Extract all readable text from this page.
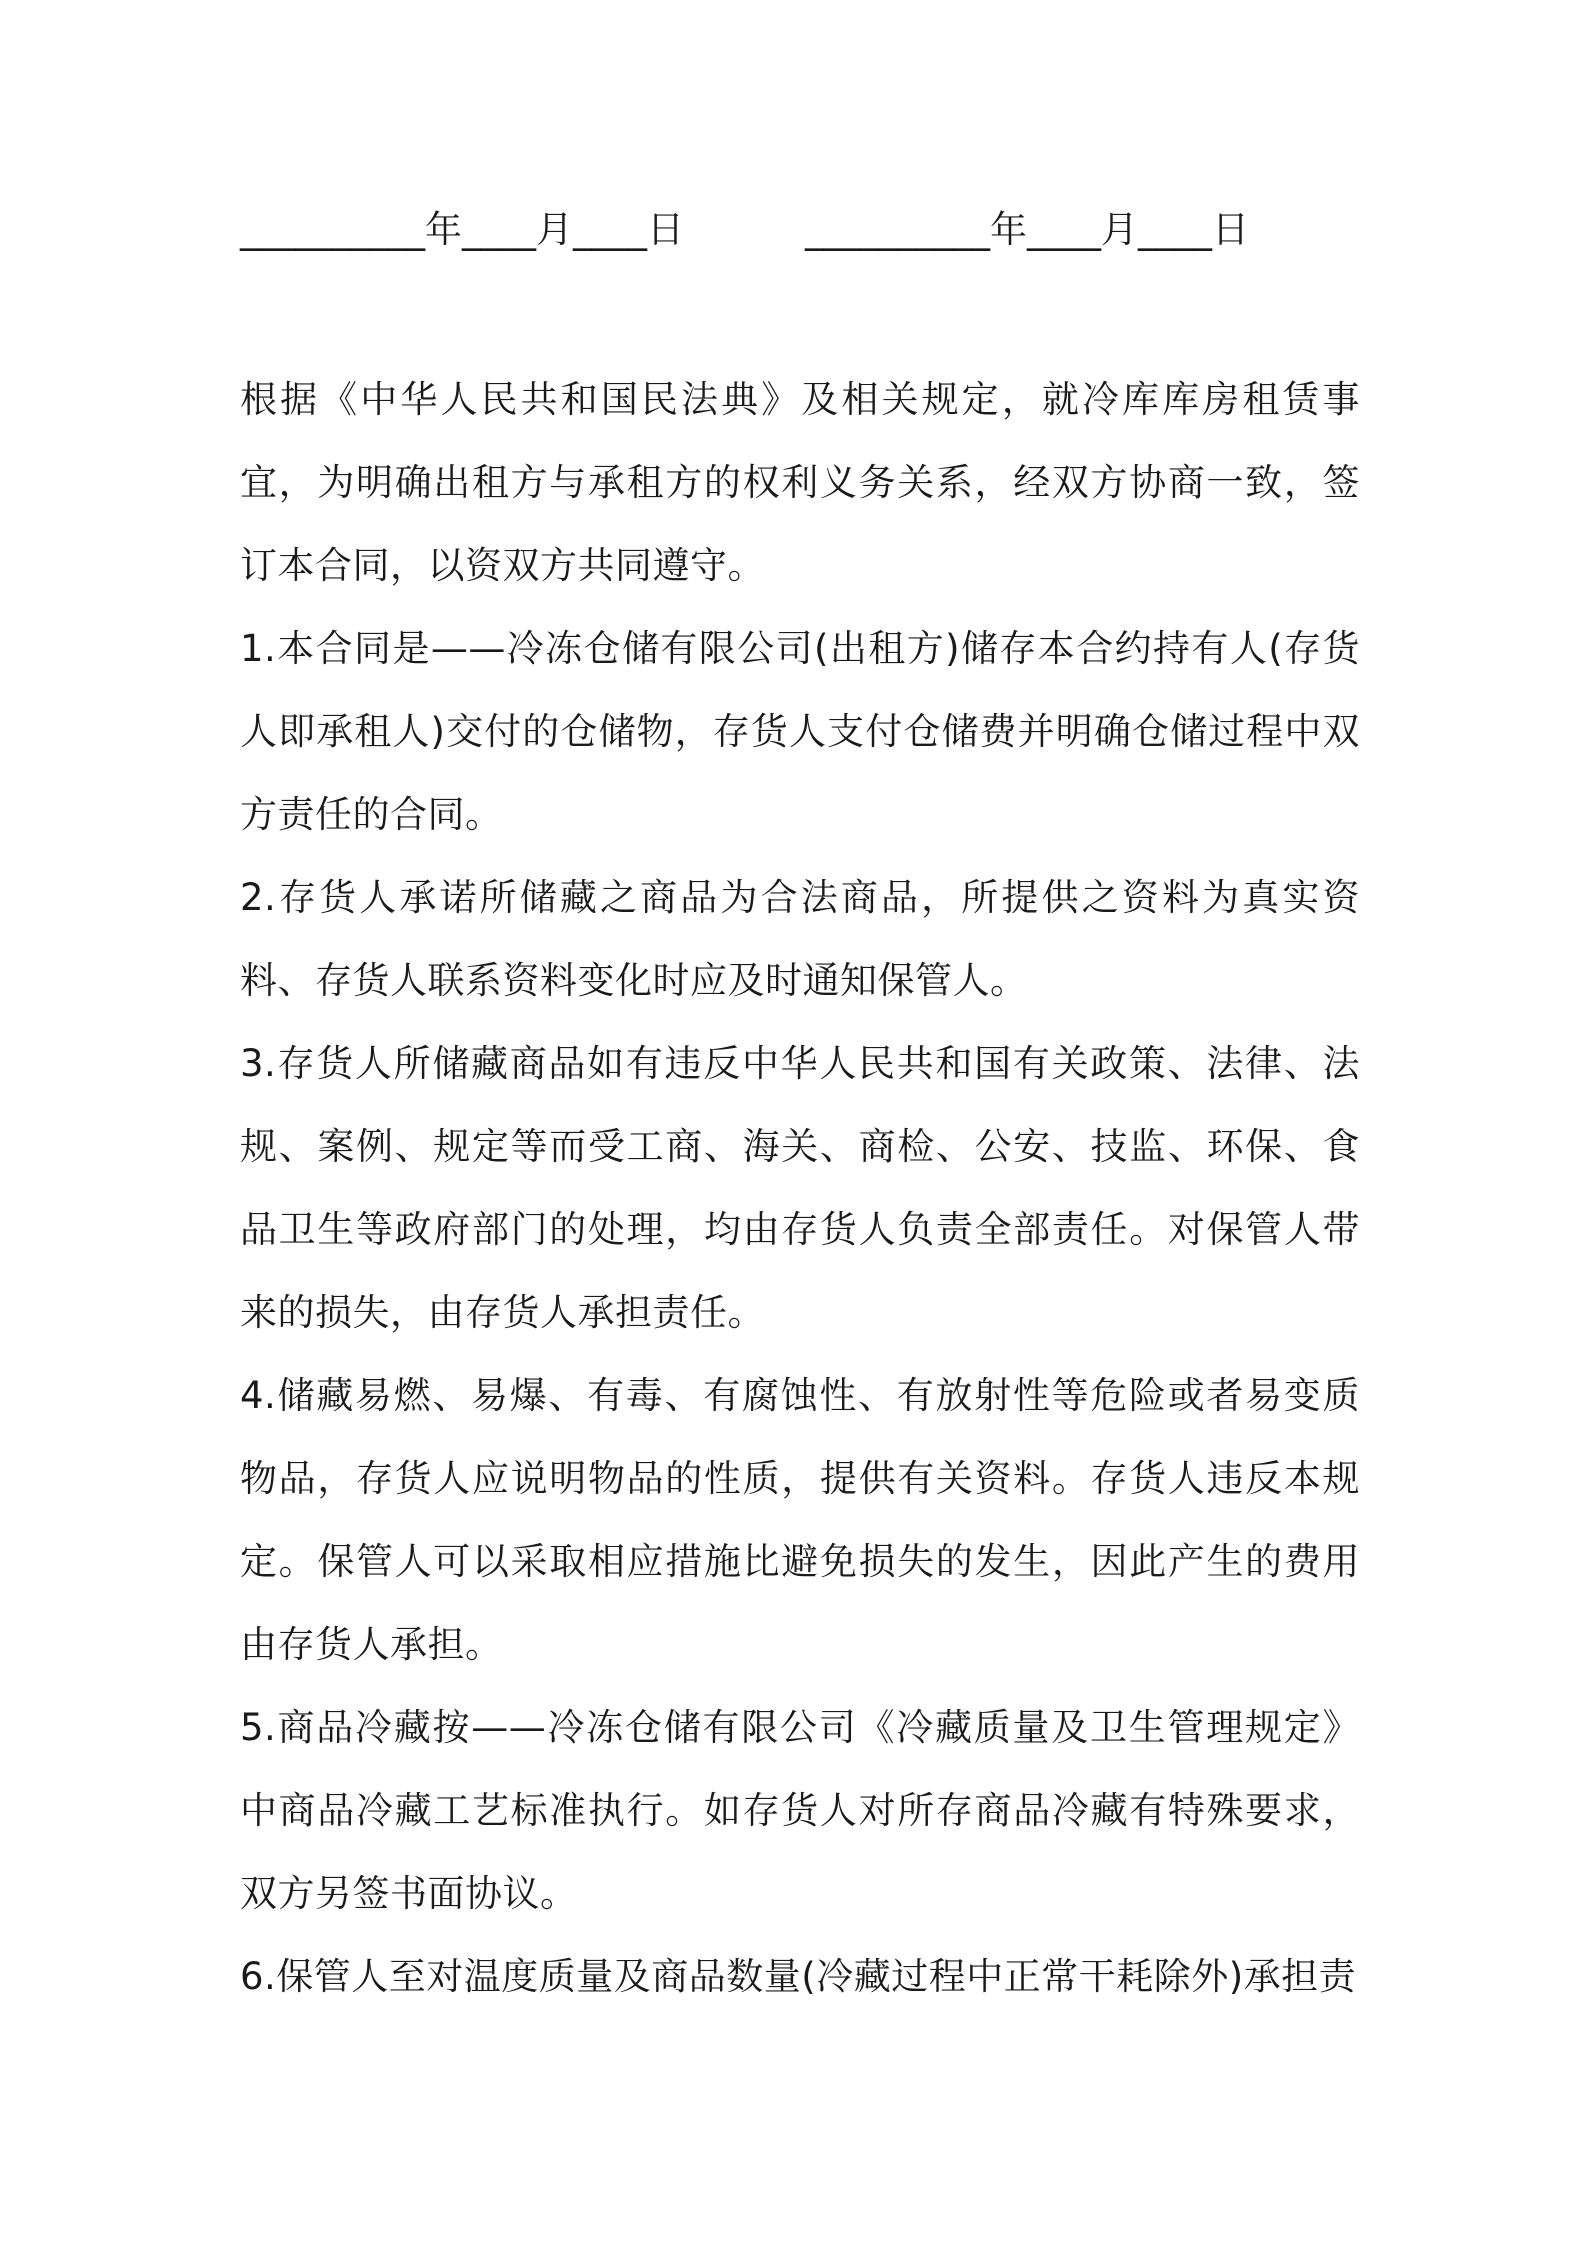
__________年____月____日	__________年____月____日

根据《中华人民共和国民法典》及相关规定，就冷库库房租赁事宜，为明确出租方与承租方的权利义务关系，经双方协商一致，签订本合同，以资双方共同遵守。

1.本合同是——冷冻仓储有限公司(出租方)储存本合约持有人(存货人即承租人)交付的仓储物，存货人支付仓储费并明确仓储过程中双方责任的合同。

2.存货人承诺所储藏之商品为合法商品，所提供之资料为真实资料、存货人联系资料变化时应及时通知保管人。

3.存货人所储藏商品如有违反中华人民共和国有关政策、法律、法规、案例、规定等而受工商、海关、商检、公安、技监、环保、食品卫生等政府部门的处理，均由存货人负责全部责任。对保管人带来的损失，由存货人承担责任。

4.储藏易燃、易爆、有毒、有腐蚀性、有放射性等危险或者易变质物品，存货人应说明物品的性质，提供有关资料。存货人违反本规定。保管人可以采取相应措施比避免损失的发生，因此产生的费用由存货人承担。

5.商品冷藏按——冷冻仓储有限公司《冷藏质量及卫生管理规定》中商品冷藏工艺标准执行。如存货人对所存商品冷藏有特殊要求，双方另签书面协议。

6.保管人至对温度质量及商品数量(冷藏过程中正常干耗除外)承担责
